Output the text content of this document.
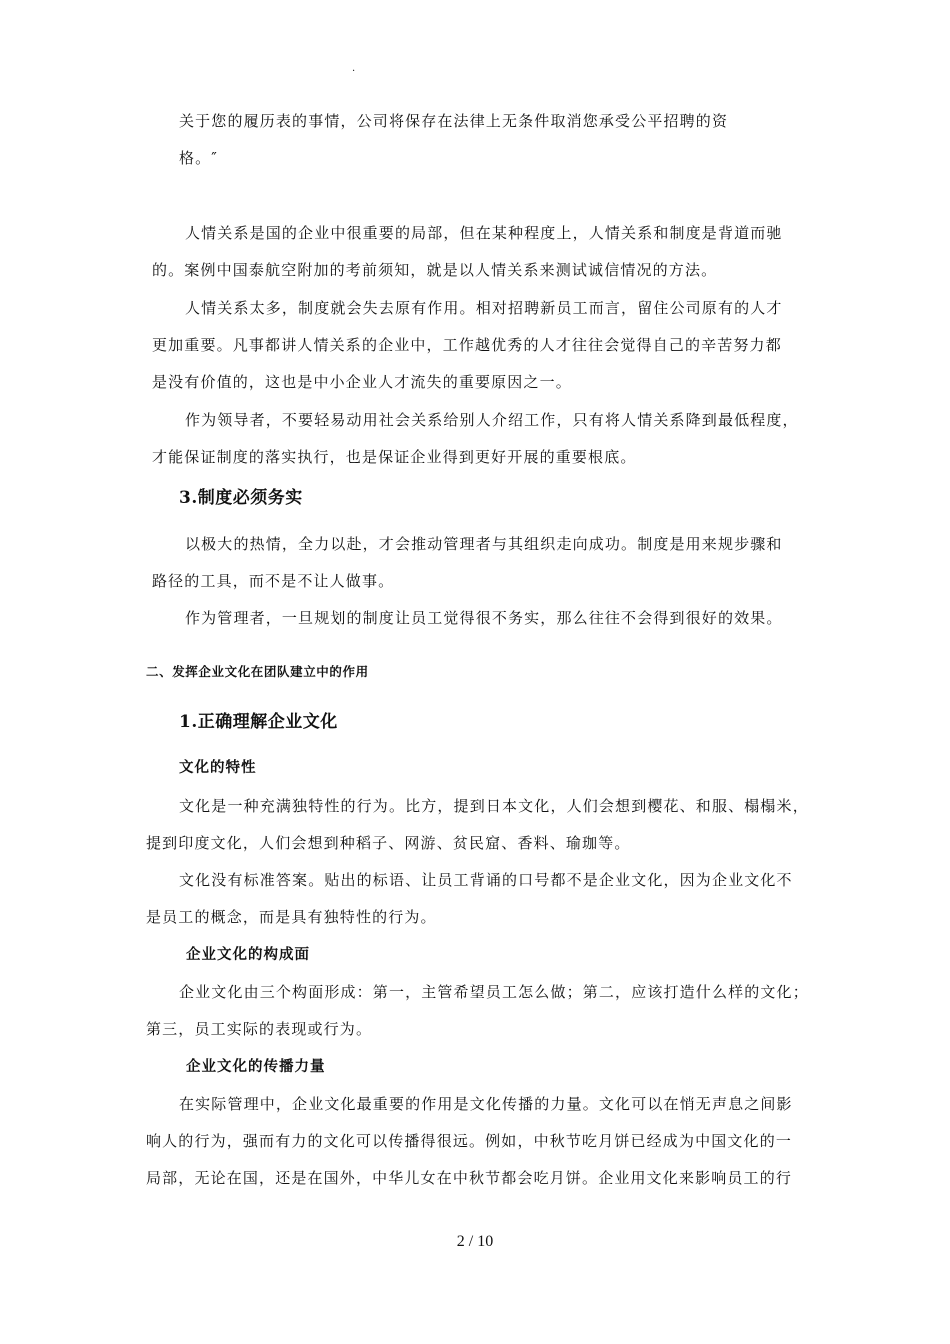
.
关于您的履历表的事情，公司将保存在法律上无条件取消您承受公平招聘的资
格。″
人情关系是国的企业中很重要的局部，但在某种程度上，人情关系和制度是背道而驰
的。案例中国泰航空附加的考前须知，就是以人情关系来测试诚信情况的方法。
人情关系太多，制度就会失去原有作用。相对招聘新员工而言，留住公司原有的人才
更加重要。凡事都讲人情关系的企业中，工作越优秀的人才往往会觉得自己的辛苦努力都
是没有价值的，这也是中小企业人才流失的重要原因之一。
作为领导者，不要轻易动用社会关系给别人介绍工作，只有将人情关系降到最低程度，
才能保证制度的落实执行，也是保证企业得到更好开展的重要根底。
3.制度必须务实
以极大的热情，全力以赴，才会推动管理者与其组织走向成功。制度是用来规步骤和
路径的工具，而不是不让人做事。
作为管理者，一旦规划的制度让员工觉得很不务实，那么往往不会得到很好的效果。
二、发挥企业文化在团队建立中的作用
1.正确理解企业文化
文化的特性
文化是一种充满独特性的行为。比方，提到日本文化，人们会想到樱花、和服、榻榻米，
提到印度文化，人们会想到种稻子、网游、贫民窟、香料、瑜珈等。
文化没有标准答案。贴出的标语、让员工背诵的口号都不是企业文化，因为企业文化不
是员工的概念，而是具有独特性的行为。
企业文化的构成面
企业文化由三个构面形成：第一，主管希望员工怎么做；第二，应该打造什么样的文化；
第三，员工实际的表现或行为。
企业文化的传播力量
在实际管理中，企业文化最重要的作用是文化传播的力量。文化可以在悄无声息之间影
响人的行为，强而有力的文化可以传播得很远。例如，中秋节吃月饼已经成为中国文化的一
局部，无论在国，还是在国外，中华儿女在中秋节都会吃月饼。企业用文化来影响员工的行
2 / 10
